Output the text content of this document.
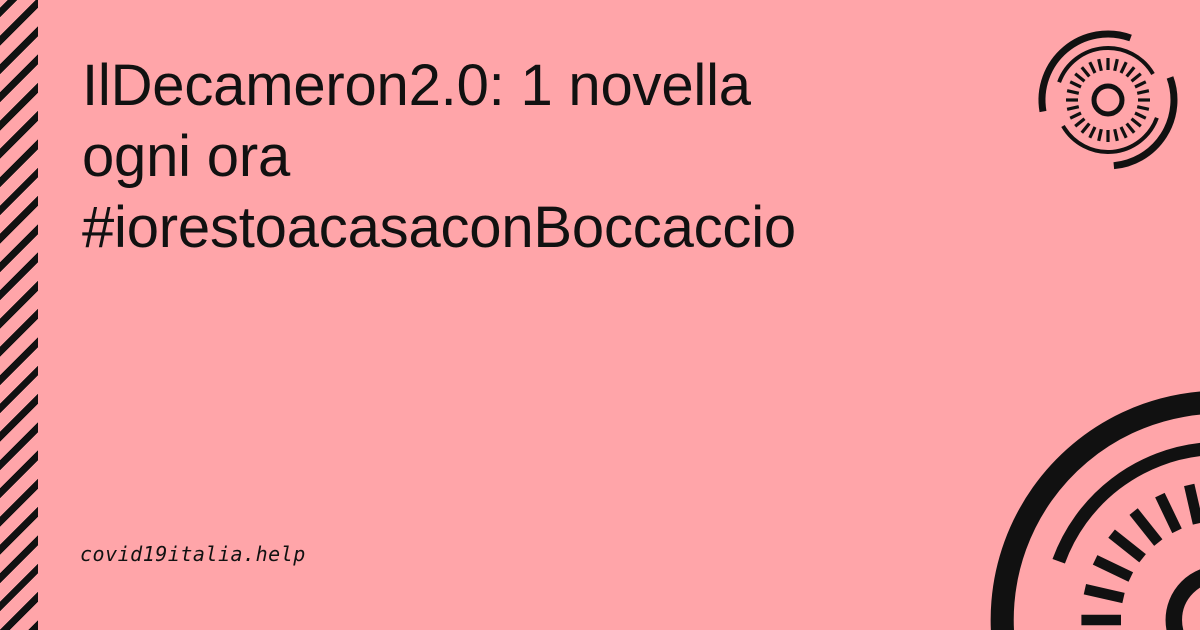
IlDecameron2.0: 1 novella
ogni ora
#iorestoacasaconBoccaccio
covid19italia.help
